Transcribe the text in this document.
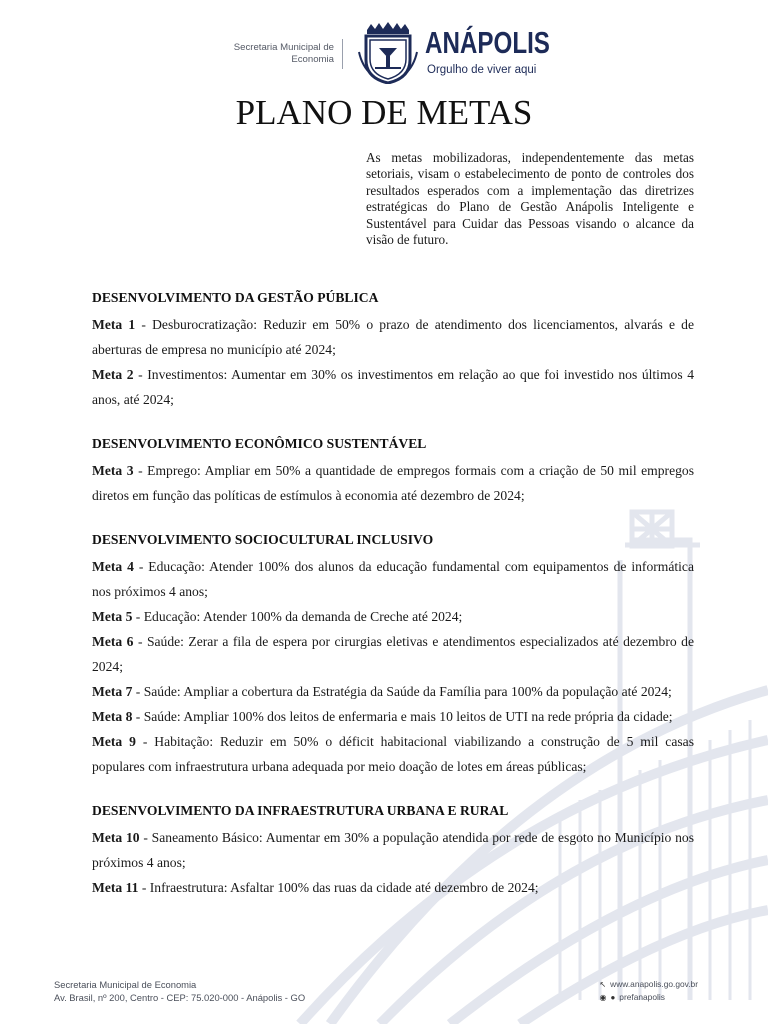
Secretaria Municipal de
Economia	ANÁPOLIS
Orgulho de viver aqui
PLANO DE METAS

As metas mobilizadoras, independentemente das metas setoriais, visam o estabelecimento de ponto de controles dos resultados esperados com a implementação das diretrizes estratégicas do Plano de Gestão Anápolis Inteligente e Sustentável para Cuidar das Pessoas visando o alcance da visão de futuro.

DESENVOLVIMENTO DA GESTÃO PÚBLICA

Meta 1 - Desburocratização: Reduzir em 50% o prazo de atendimento dos licenciamentos, alvarás e de aberturas de empresa no município até 2024;

Meta 2 - Investimentos: Aumentar em 30% os investimentos em relação ao que foi investido nos últimos 4 anos, até 2024;

DESENVOLVIMENTO ECONÔMICO SUSTENTÁVEL

Meta 3 - Emprego: Ampliar em 50% a quantidade de empregos formais com a criação de 50 mil empregos diretos em função das políticas de estímulos à economia até dezembro de 2024;

DESENVOLVIMENTO SOCIOCULTURAL INCLUSIVO

Meta 4 - Educação: Atender 100% dos alunos da educação fundamental com equipamentos de informática nos próximos 4 anos;

Meta 5 - Educação: Atender 100% da demanda de Creche até 2024;

Meta 6 - Saúde: Zerar a fila de espera por cirurgias eletivas e atendimentos especializados até dezembro de 2024;

Meta 7 - Saúde: Ampliar a cobertura da Estratégia da Saúde da Família para 100% da população até 2024;

Meta 8 - Saúde: Ampliar 100% dos leitos de enfermaria e mais 10 leitos de UTI na rede própria da cidade;

Meta 9 - Habitação: Reduzir em 50% o déficit habitacional viabilizando a construção de 5 mil casas populares com infraestrutura urbana adequada por meio doação de lotes em áreas públicas;

DESENVOLVIMENTO DA INFRAESTRUTURA URBANA E RURAL

Meta 10 - Saneamento Básico: Aumentar em 30% a população atendida por rede de esgoto no Município nos próximos 4 anos;

Meta 11 - Infraestrutura: Asfaltar 100% das ruas da cidade até dezembro de 2024;

Secretaria Municipal de Economia
Av. Brasil, nº 200, Centro - CEP: 75.020-000 - Anápolis - GO
↖ www.anapolis.go.gov.br
◉ ● prefanapolis
